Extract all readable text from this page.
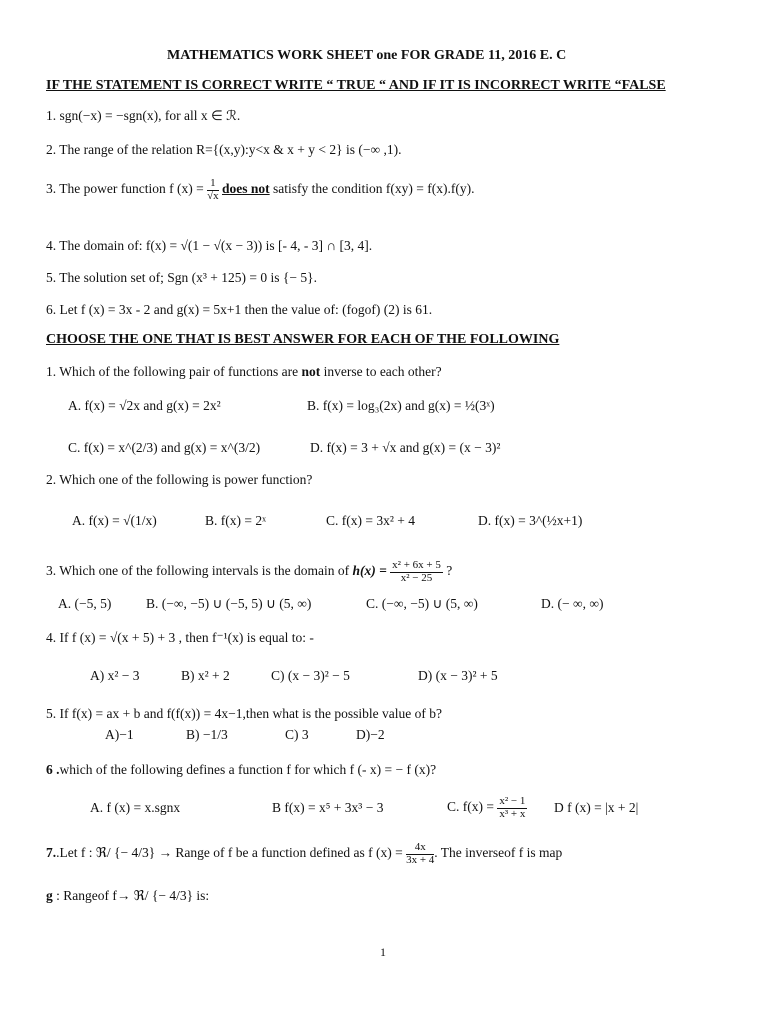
MATHEMATICS WORK SHEET one FOR GRADE 11, 2016 E. C
IF THE STATEMENT IS CORRECT WRITE “ TRUE “ AND IF IT IS INCORRECT WRITE “FALSE
1. sgn(−x) = −sgn(x), for all x ∈ ℛ.
2. The range of the relation R={(x,y):y<x & x + y < 2} is (−∞ ,1).
3. The power function f $(x) = \frac{1}{√x}$ does not satisfy the condition f(xy) = f(x).f(y).
4. The domain of: f(x) = √(1 − √(x − 3)) is [- 4, - 3] ∩ [3, 4].
5. The solution set of; Sgn (x³ + 125) = 0 is {− 5}.
6. Let f (x) = 3x - 2 and g(x) = 5x+1 then the value of: (fogof) (2) is 61.
CHOOSE THE ONE THAT IS BEST ANSWER FOR EACH OF THE FOLLOWING
1. Which of the following pair of functions are not inverse to each other?
A. f(x) = √2x and g(x) = 2x²	B. f(x) = log₃(2x) and g(x) = ½(3ˣ)
C. f(x) = x^(2/3) and g(x) = x^(3/2)	D. f(x) = 3 + √x and g(x) = (x − 3)²
2. Which one of the following is power function?
A. f(x) = √(1/x)	B. f(x) = 2ˣ	C. f(x) = 3x² + 4	D. f(x) = 3^(½x+1)
3. Which one of the following intervals is the domain of $h(x) = \frac{\text{x² + 6x + 5}}{\text{x² − 25}}$ ?
A. (−5, 5)	B. (−∞, −5) ∪ (−5, 5) ∪ (5, ∞)	C. (−∞, −5) ∪ (5, ∞)	D. (− ∞, ∞)
4. If f (x) = √(x + 5) + 3 , then f⁻¹(x) is equal to: -
A) x² − 3	B) x² + 2	C) (x − 3)² − 5	D) (x − 3)² + 5
5. If f(x) = ax + b and f(f(x)) = 4x−1,then what is the possible value of b?
A)−1	B) −1/3	C) 3	D)−2
6 .which of the following defines a function f for which f (- x) = − f (x)?
A. f (x) = x.sgnx	B f(x) = x⁵ + 3x³ − 3	C. $f(x) = \frac{\text{x² − 1}}{\text{x³ + x}}$ D f (x) = |x + 2|
7..Let f : ℜ/ {− 4/3} → Range of f be a function defined as f $(x) = \frac{4x}{3x + 4}$ . The inverseof f is map
g : Rangeof f→ ℜ/ {− 4/3} is:
1
